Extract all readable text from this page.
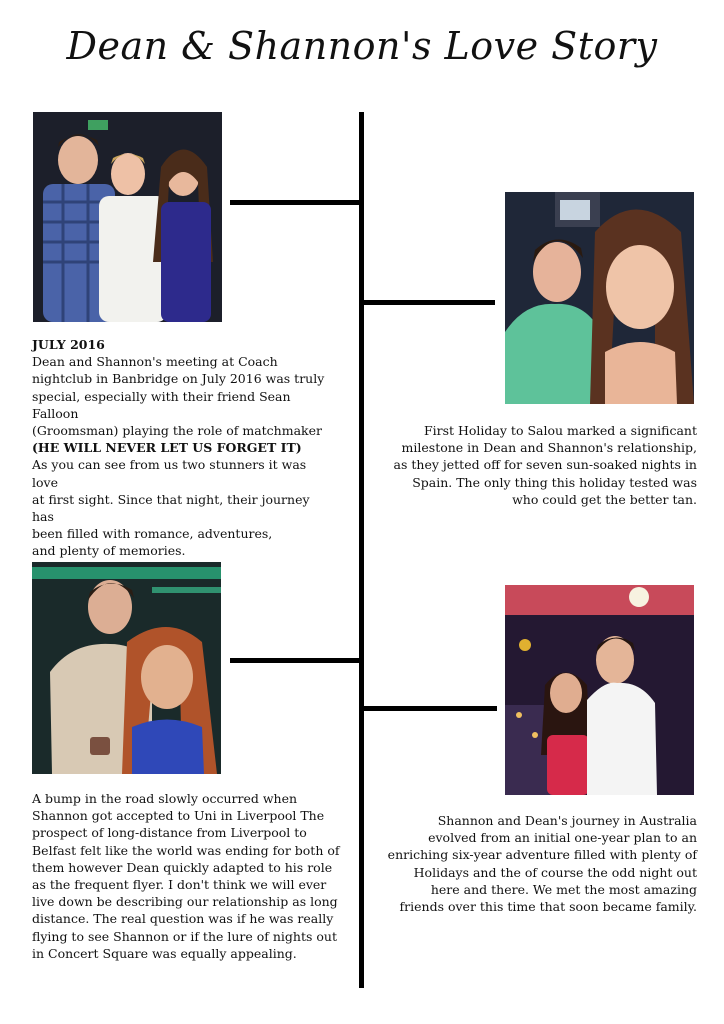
Dean & Shannon's Love Story
JULY 2016
Dean and Shannon's meeting at Coach
nightclub in Banbridge on July 2016 was truly
special, especially with their friend Sean Falloon
(Groomsman) playing the role of matchmaker
(HE WILL NEVER LET US FORGET IT)
As you can see from us two stunners it was love
at first sight. Since that night, their journey has
been filled with romance, adventures,
and plenty of memories.
First Holiday to Salou marked a significant
milestone in Dean and Shannon's relationship,
as they jetted off for seven sun-soaked nights in
Spain. The only thing this holiday tested was
who could get the better tan.
A bump in the road slowly occurred when
Shannon got accepted to Uni in Liverpool The
prospect of long-distance from Liverpool to
Belfast felt like the world was ending for both of
them however Dean quickly adapted to his role
as the frequent flyer. I don't think we will ever
live down be describing our relationship as long
distance. The real question was if he was really
flying to see Shannon or if the lure of nights out
in Concert Square was equally appealing.
Shannon and Dean's journey in Australia
evolved from an initial one-year plan to an
enriching six-year adventure filled with plenty of
Holidays and the of course the odd night out
here and there. We met the most amazing
friends over this time that soon became family.
